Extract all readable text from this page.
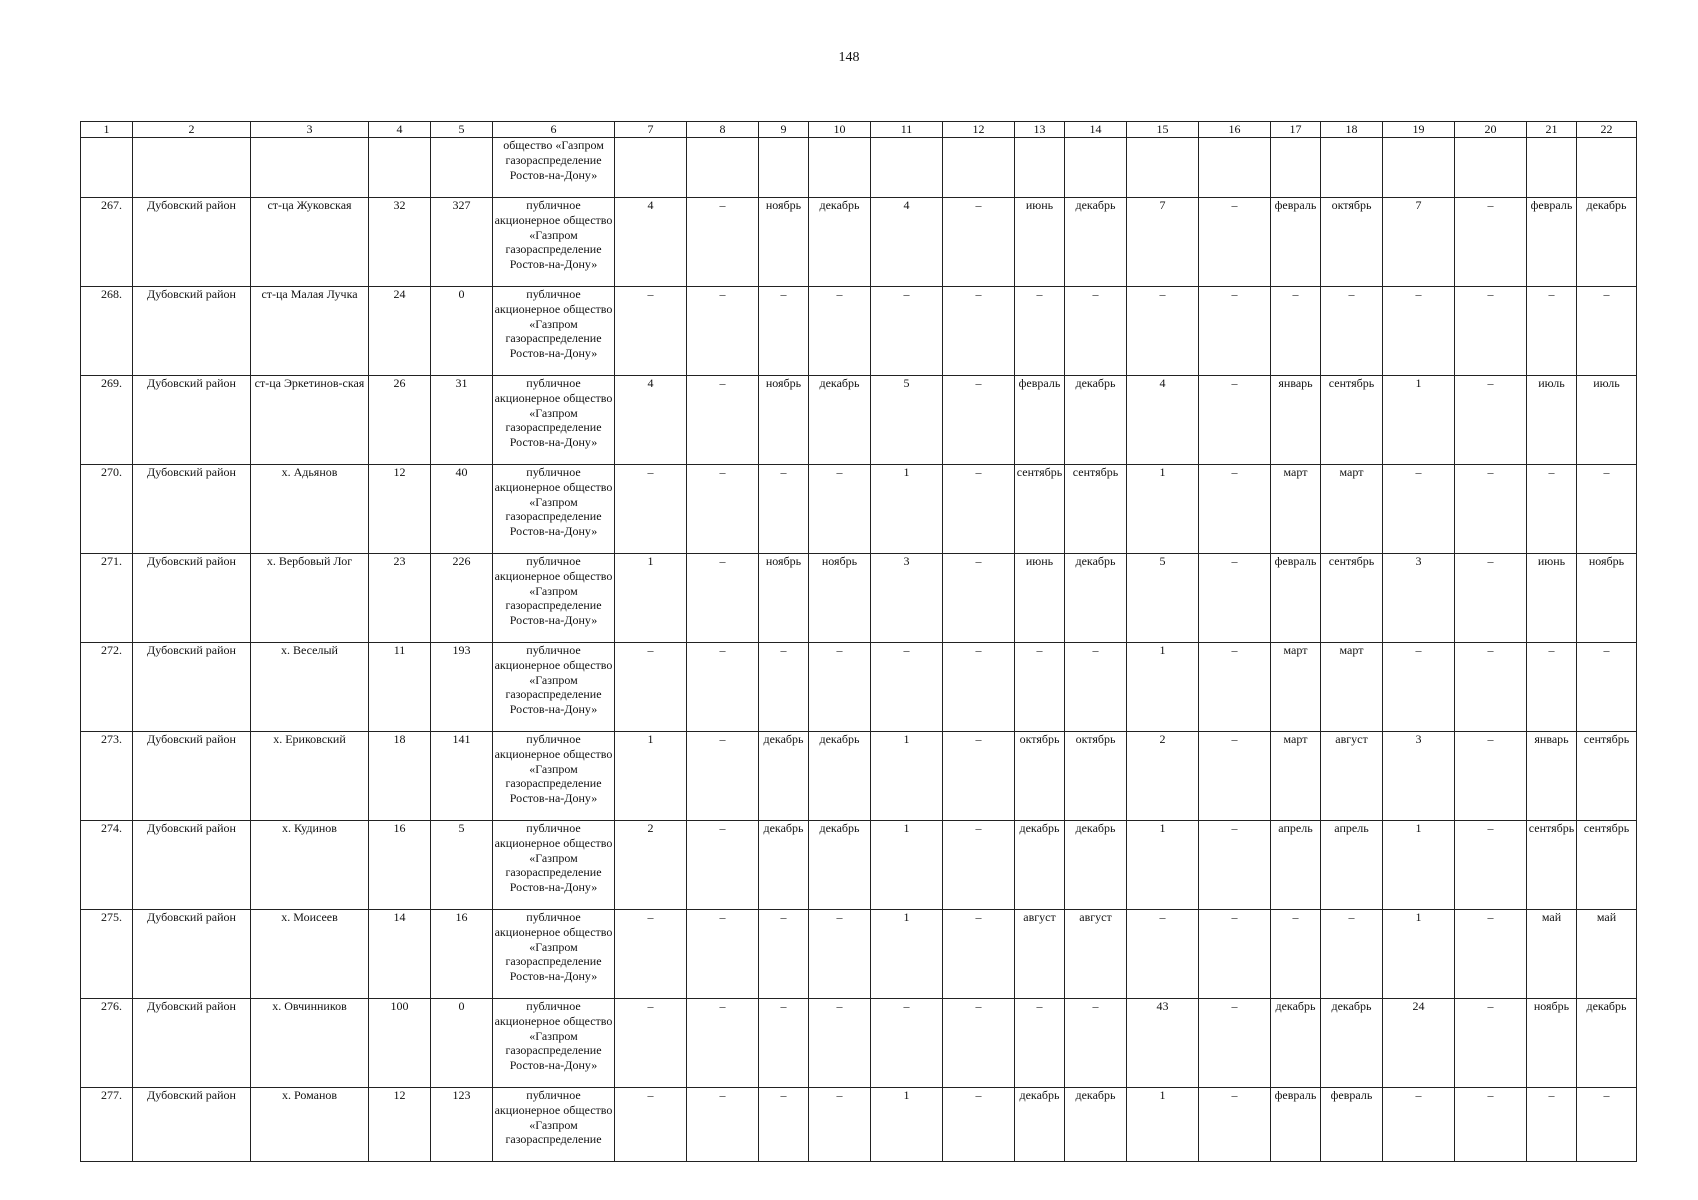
148
1	2	3	4	5	6	7	8	9	10	11	12	13	14	15	16	17	18	19	20	21	22
					общество «Газпром газораспределение Ростов-на-Дону»																
267.	Дубовский район	ст-ца Жуковская	32	327	публичное акционерное общество «Газпром газораспределение Ростов-на-Дону»	4	–	ноябрь	декабрь	4	–	июнь	декабрь	7	–	февраль	октябрь	7	–	февраль	декабрь
268.	Дубовский район	ст-ца Малая Лучка	24	0	публичное акционерное общество «Газпром газораспределение Ростов-на-Дону»	–	–	–	–	–	–	–	–	–	–	–	–	–	–	–	–
269.	Дубовский район	ст-ца Эркетинов-ская	26	31	публичное акционерное общество «Газпром газораспределение Ростов-на-Дону»	4	–	ноябрь	декабрь	5	–	февраль	декабрь	4	–	январь	сентябрь	1	–	июль	июль
270.	Дубовский район	х. Адьянов	12	40	публичное акционерное общество «Газпром газораспределение Ростов-на-Дону»	–	–	–	–	1	–	сентябрь	сентябрь	1	–	март	март	–	–	–	–
271.	Дубовский район	х. Вербовый Лог	23	226	публичное акционерное общество «Газпром газораспределение Ростов-на-Дону»	1	–	ноябрь	ноябрь	3	–	июнь	декабрь	5	–	февраль	сентябрь	3	–	июнь	ноябрь
272.	Дубовский район	х. Веселый	11	193	публичное акционерное общество «Газпром газораспределение Ростов-на-Дону»	–	–	–	–	–	–	–	–	1	–	март	март	–	–	–	–
273.	Дубовский район	х. Ериковский	18	141	публичное акционерное общество «Газпром газораспределение Ростов-на-Дону»	1	–	декабрь	декабрь	1	–	октябрь	октябрь	2	–	март	август	3	–	январь	сентябрь
274.	Дубовский район	х. Кудинов	16	5	публичное акционерное общество «Газпром газораспределение Ростов-на-Дону»	2	–	декабрь	декабрь	1	–	декабрь	декабрь	1	–	апрель	апрель	1	–	сентябрь	сентябрь
275.	Дубовский район	х. Моисеев	14	16	публичное акционерное общество «Газпром газораспределение Ростов-на-Дону»	–	–	–	–	1	–	август	август	–	–	–	–	1	–	май	май
276.	Дубовский район	х. Овчинников	100	0	публичное акционерное общество «Газпром газораспределение Ростов-на-Дону»	–	–	–	–	–	–	–	–	43	–	декабрь	декабрь	24	–	ноябрь	декабрь
277.	Дубовский район	х. Романов	12	123	публичное акционерное общество «Газпром газораспределение	–	–	–	–	1	–	декабрь	декабрь	1	–	февраль	февраль	–	–	–	–
